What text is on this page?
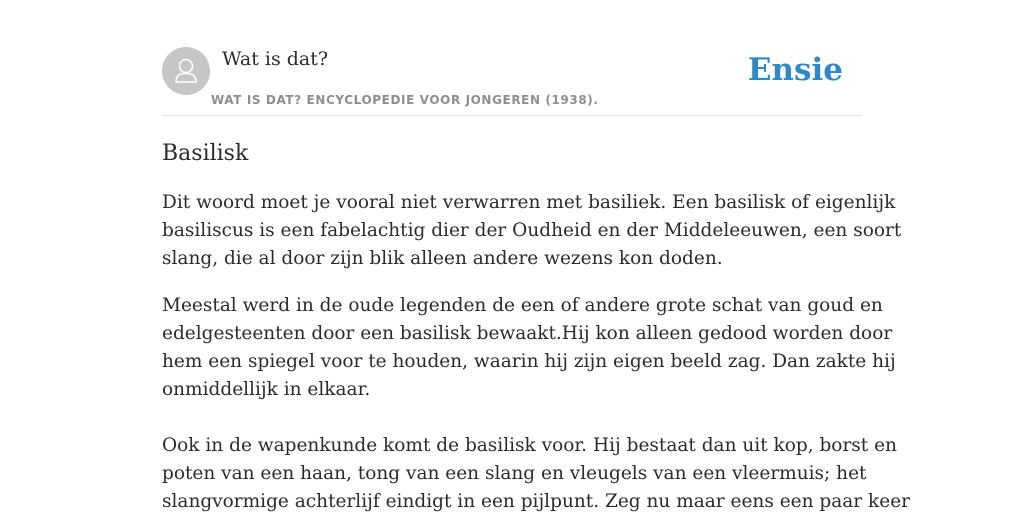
Wat is dat?
WAT IS DAT? ENCYCLOPEDIE VOOR JONGEREN (1938).
Ensie
Basilisk

Dit woord moet je vooral niet verwarren met basiliek. Een basilisk of eigenlijk

basiliscus is een fabelachtig dier der Oudheid en der Middeleeuwen, een soort

slang, die al door zijn blik alleen andere wezens kon doden.

Meestal werd in de oude legenden de een of andere grote schat van goud en

edelgesteenten door een basilisk bewaakt.Hij kon alleen gedood worden door

hem een spiegel voor te houden, waarin hij zijn eigen beeld zag. Dan zakte hij

onmiddellijk in elkaar.

Ook in de wapenkunde komt de basilisk voor. Hij bestaat dan uit kop, borst en

poten van een haan, tong van een slang en vleugels van een vleermuis; het

slangvormige achterlijf eindigt in een pijlpunt. Zeg nu maar eens een paar keer
